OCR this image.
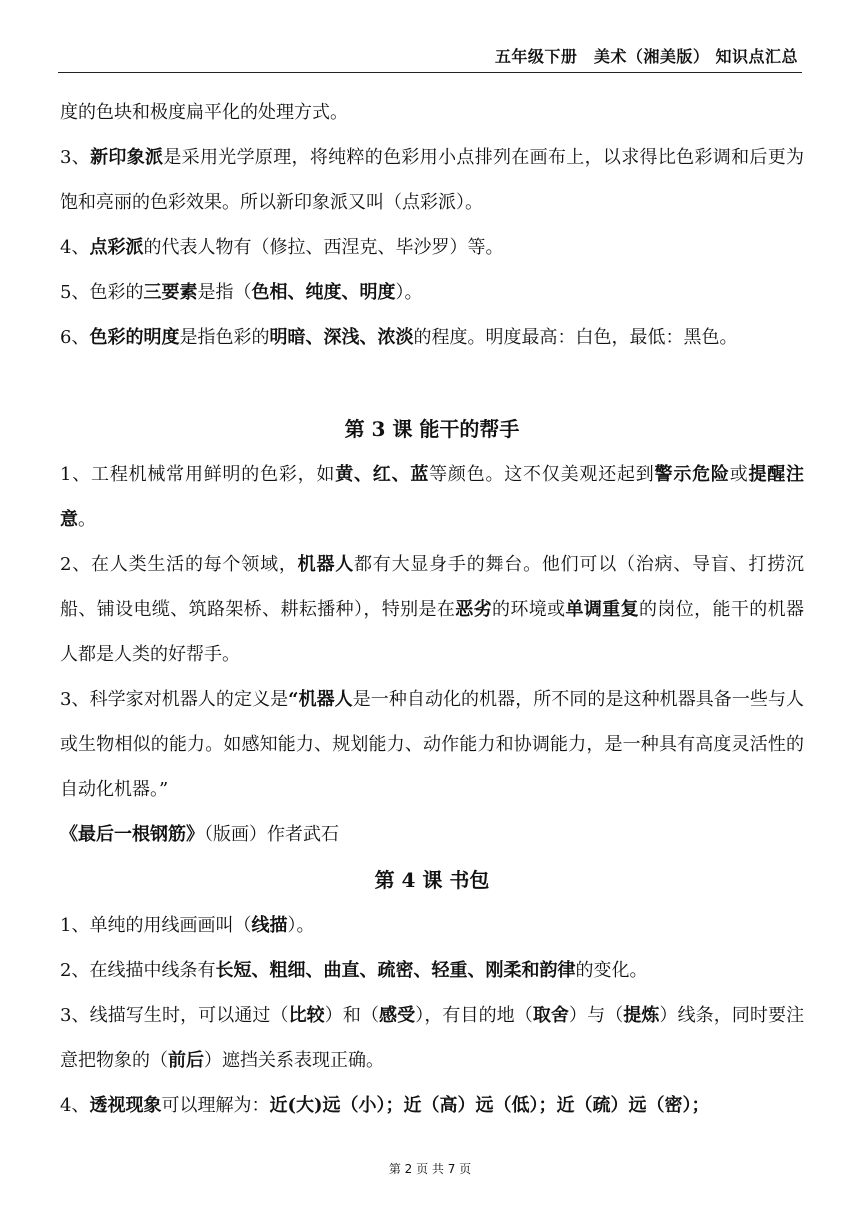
五年级下册　美术（湘美版） 知识点汇总

度的色块和极度扁平化的处理方式。

3、新印象派是采用光学原理，将纯粹的色彩用小点排列在画布上，以求得比色彩调和后更为饱和亮丽的色彩效果。所以新印象派又叫（点彩派）。

4、点彩派的代表人物有（修拉、西涅克、毕沙罗）等。

5、色彩的三要素是指（色相、纯度、明度）。

6、色彩的明度是指色彩的明暗、深浅、浓淡的程度。明度最高：白色，最低：黑色。

第 3 课 能干的帮手

1、工程机械常用鲜明的色彩，如黄、红、蓝等颜色。这不仅美观还起到警示危险或提醒注意。

2、在人类生活的每个领域，机器人都有大显身手的舞台。他们可以（治病、导盲、打捞沉船、铺设电缆、筑路架桥、耕耘播种），特别是在恶劣的环境或单调重复的岗位，能干的机器人都是人类的好帮手。

3、科学家对机器人的定义是“机器人是一种自动化的机器，所不同的是这种机器具备一些与人或生物相似的能力。如感知能力、规划能力、动作能力和协调能力，是一种具有高度灵活性的自动化机器。”

《最后一根钢筋》（版画）作者武石

第 4 课 书包

1、单纯的用线画画叫（线描）。

2、在线描中线条有长短、粗细、曲直、疏密、轻重、刚柔和韵律的变化。

3、线描写生时，可以通过（比较）和（感受），有目的地（取舍）与（提炼）线条，同时要注意把物象的（前后）遮挡关系表现正确。

4、透视现象可以理解为：近(大)远（小）；近（高）远（低）；近（疏）远（密）；

第 2 页 共 7 页
